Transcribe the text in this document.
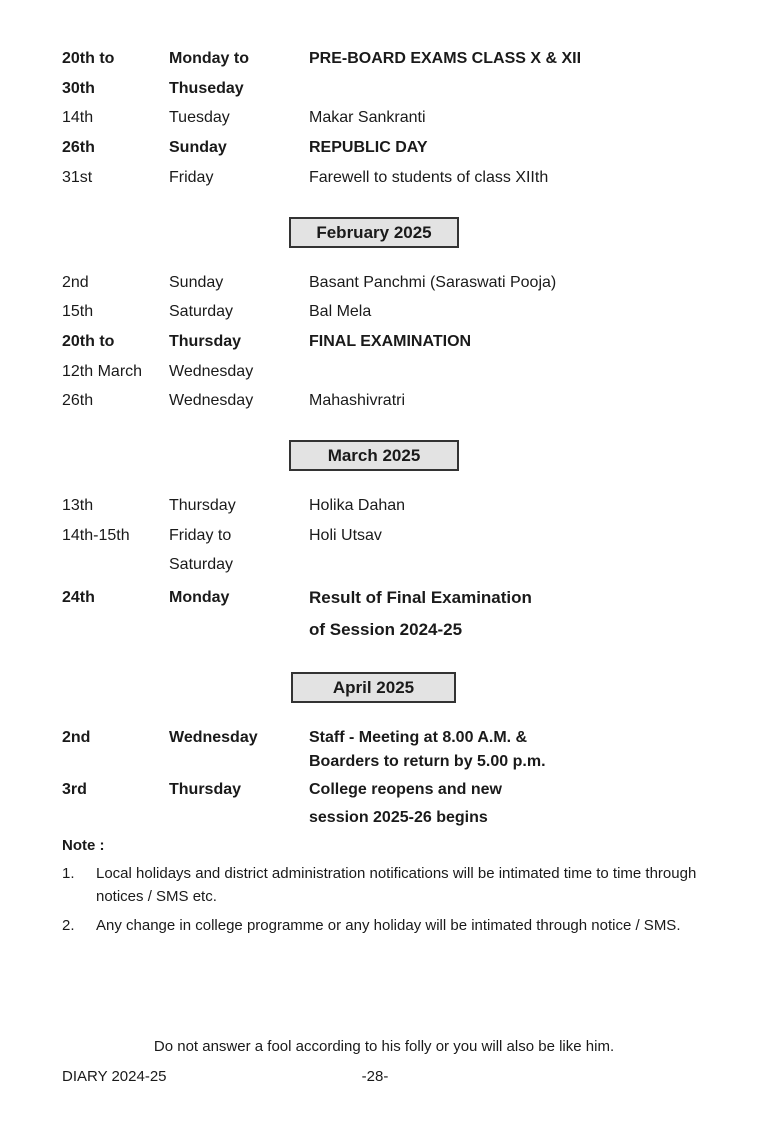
20th to	Monday to	PRE-BOARD EXAMS CLASS X & XII
30th	Thuseday
14th	Tuesday	Makar Sankranti
26th	Sunday	REPUBLIC DAY
31st	Friday	Farewell to students of class XIIth
February 2025
2nd	Sunday	Basant Panchmi (Saraswati Pooja)
15th	Saturday	Bal Mela
20th to	Thursday	FINAL EXAMINATION
12th March Wednesday
26th	Wednesday	Mahashivratri
March 2025
13th	Thursday	Holika Dahan
14th-15th Friday to	Holi Utsav
Saturday
24th	Monday	Result of Final Examination
of Session 2024-25
April 2025
2nd	Wednesday	Staff - Meeting at 8.00 A.M. &
Boarders to return by 5.00 p.m.
3rd	Thursday	College reopens and new
session 2025-26 begins
Note :
1. Local holidays and district administration notifications will be intimated time to time through notices / SMS etc.
2. Any change in college programme or any holiday will be intimated through notice / SMS.
Do not answer a fool according to his folly or you will also be like him.
DIARY 2024-25	-28-
